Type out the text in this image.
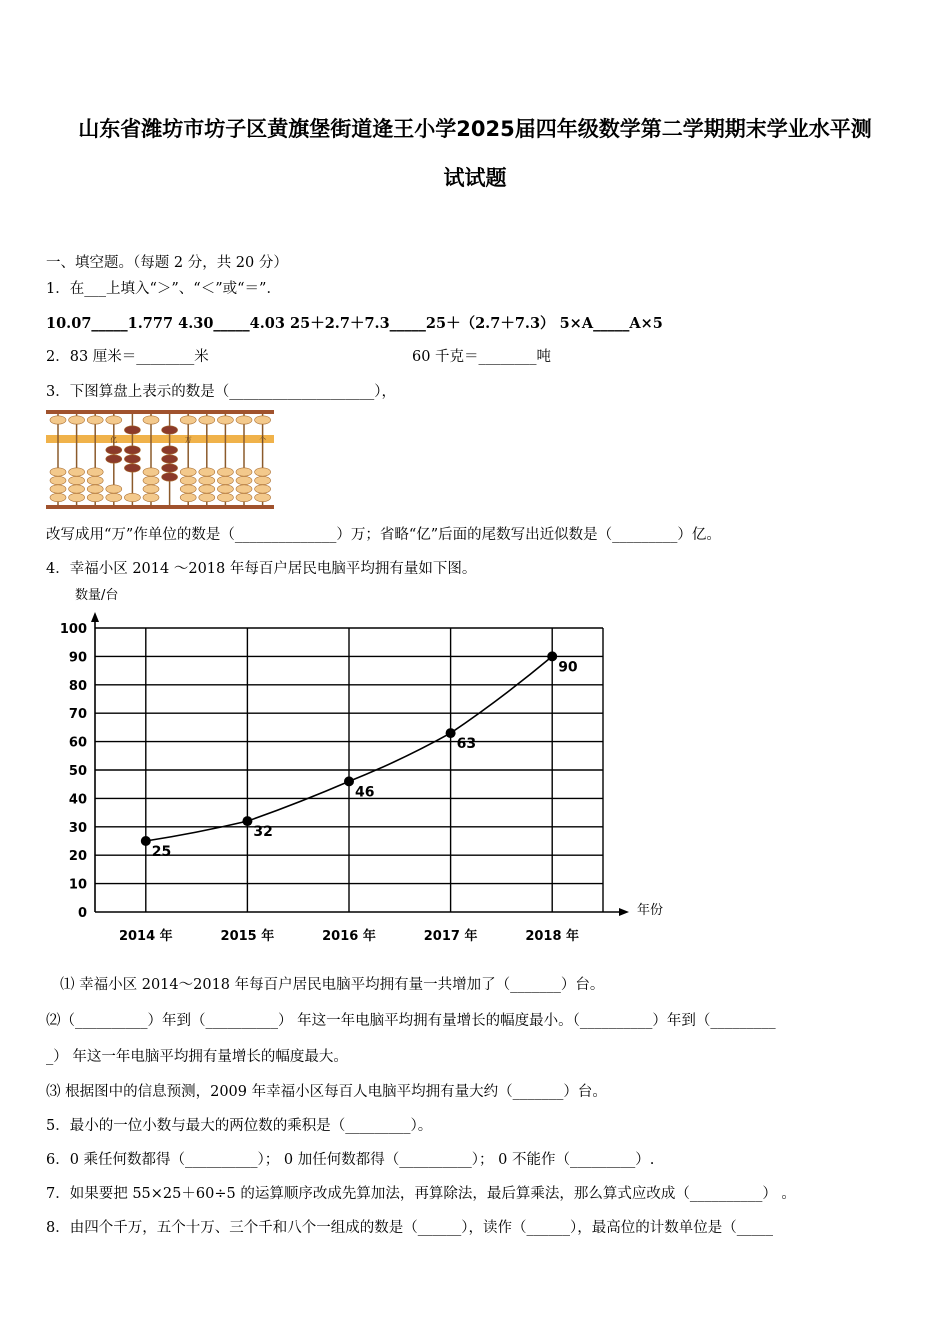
山东省潍坊市坊子区黄旗堡街道逄王小学2025届四年级数学第二学期期末学业水平测
试试题
一、填空题。（每题 2 分，共 20 分）
1．在___上填入“＞”、“＜”或“＝”．
10.07_____1.777 4.30_____4.03 25＋2.7＋7.3_____25＋（2.7＋7.3） 5×A_____A×5
2．83 厘米＝________米	60 千克＝________吨
3．下图算盘上表示的数是（____________________），
亿	万	个
改写成用“万”作单位的数是（______________）万；省略“亿”后面的尾数写出近似数是（_________）亿。
4．幸福小区 2014 ～2018 年每百户居民电脑平均拥有量如下图。
0
10
20
30
40
50
60
70
80
90
100
数量/台
年份
2014 年	2015 年	2016 年	2017 年	2018 年
25
32
46
63
90
⑴ 幸福小区 2014～2018 年每百户居民电脑平均拥有量一共增加了（_______）台。
⑵（__________）年到（__________） 年这一年电脑平均拥有量增长的幅度最小。（__________）年到（_________
_） 年这一年电脑平均拥有量增长的幅度最大。
⑶ 根据图中的信息预测，2009 年幸福小区每百人电脑平均拥有量大约（_______）台。
5．最小的一位小数与最大的两位数的乘积是（_________）。
6．0 乘任何数都得（__________）； 0 加任何数都得（__________）； 0 不能作（_________）.
7．如果要把 55×25＋60÷5 的运算顺序改成先算加法，再算除法，最后算乘法，那么算式应改成（__________） 。
8．由四个千万，五个十万、三个千和八个一组成的数是（______），读作（______），最高位的计数单位是（_____
